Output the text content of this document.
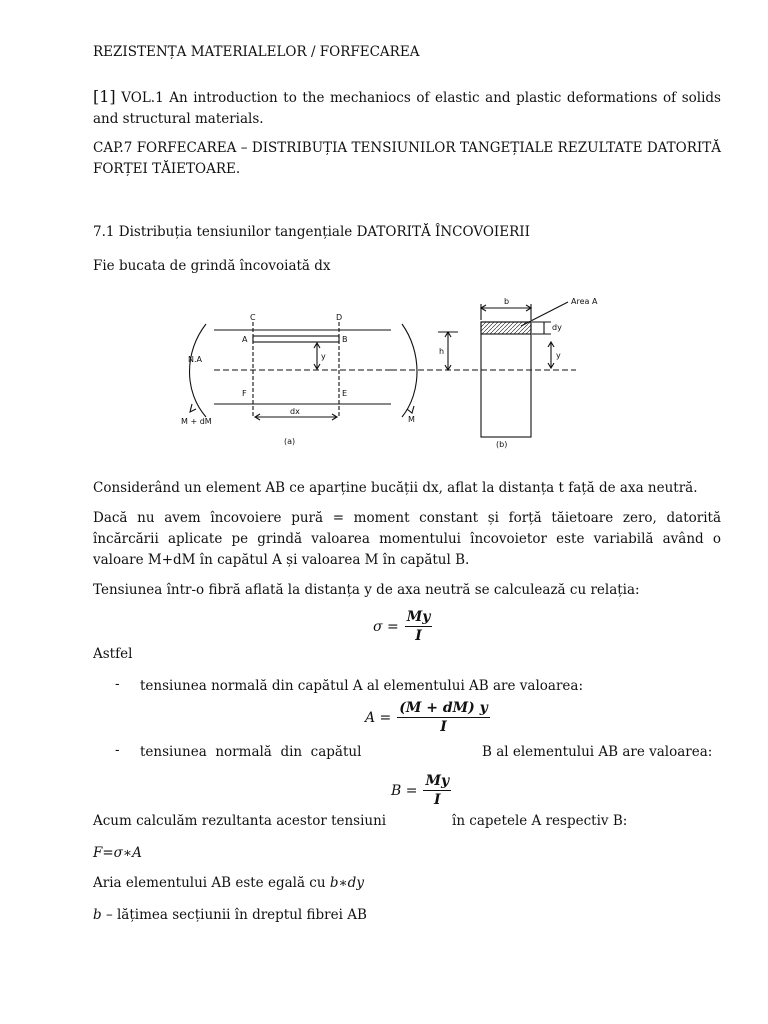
REZISTENȚA MATERIALELOR / FORFECAREA

[1] VOL.1 An introduction to the mechaniocs of elastic and plastic deformations of solids and structural materials.

CAP.7 FORFECAREA – DISTRIBUȚIA TENSIUNILOR TANGEȚIALE REZULTATE DATORITĂ FORȚEI TĂIETOARE.

7.1 Distribuția tensiunilor tangențiale DATORITĂ ÎNCOVOIERII

Fie bucata de grindă încovoiată dx

C	D
A	B
F	E
N.A	y
dx
h
M
M + dM
Area A
dy
b
y
(a)	(b)

Considerând un element AB ce aparține bucății dx, aflat la distanța t față de axa neutră.

Dacă nu avem încovoiere pură = moment constant și forță tăietoare zero, datorită încărcării aplicate pe grindă valoarea momentului încovoietor este variabilă având o valoare M+dM în capătul A și valoarea M în capătul B.

Tensiunea într-o fibră aflată la distanța y de axa neutră se calculează cu relația:

$\sigma = \frac{My}{I}$

Astfel

- tensiunea normală din capătul A al elementului AB are valoarea:

$A = \frac{(M + dM) y}{I}$
- tensiunea  normală  din  capătul	B al elementului AB are valoarea:

$B = \frac{My}{I}$

Acum calculăm rezultanta acestor tensiuni	în capetele A respectiv B:

F=σ∗A

Aria elementului AB este egală cu b∗dy

b – lățimea secțiunii în dreptul fibrei AB
